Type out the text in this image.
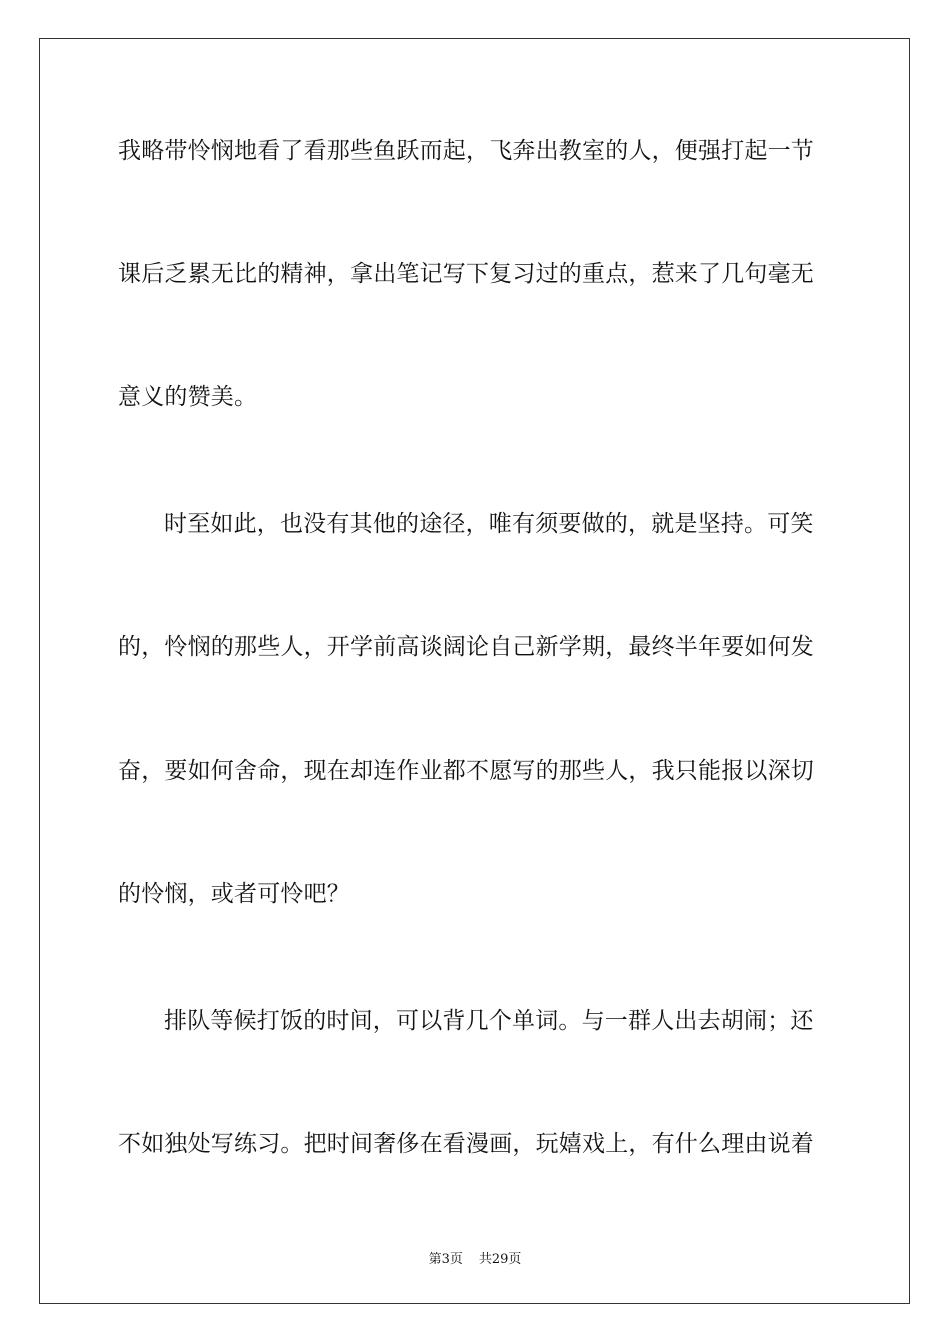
我略带怜悯地看了看那些鱼跃而起，飞奔出教室的人，便强打起一节
课后乏累无比的精神，拿出笔记写下复习过的重点，惹来了几句毫无
意义的赞美。
时至如此，也没有其他的途径，唯有须要做的，就是坚持。可笑
的，怜悯的那些人，开学前高谈阔论自己新学期，最终半年要如何发
奋，要如何舍命，现在却连作业都不愿写的那些人，我只能报以深切
的怜悯，或者可怜吧？
排队等候打饭的时间，可以背几个单词。与一群人出去胡闹；还
不如独处写练习。把时间奢侈在看漫画，玩嬉戏上，有什么理由说着
第3页 共29页
